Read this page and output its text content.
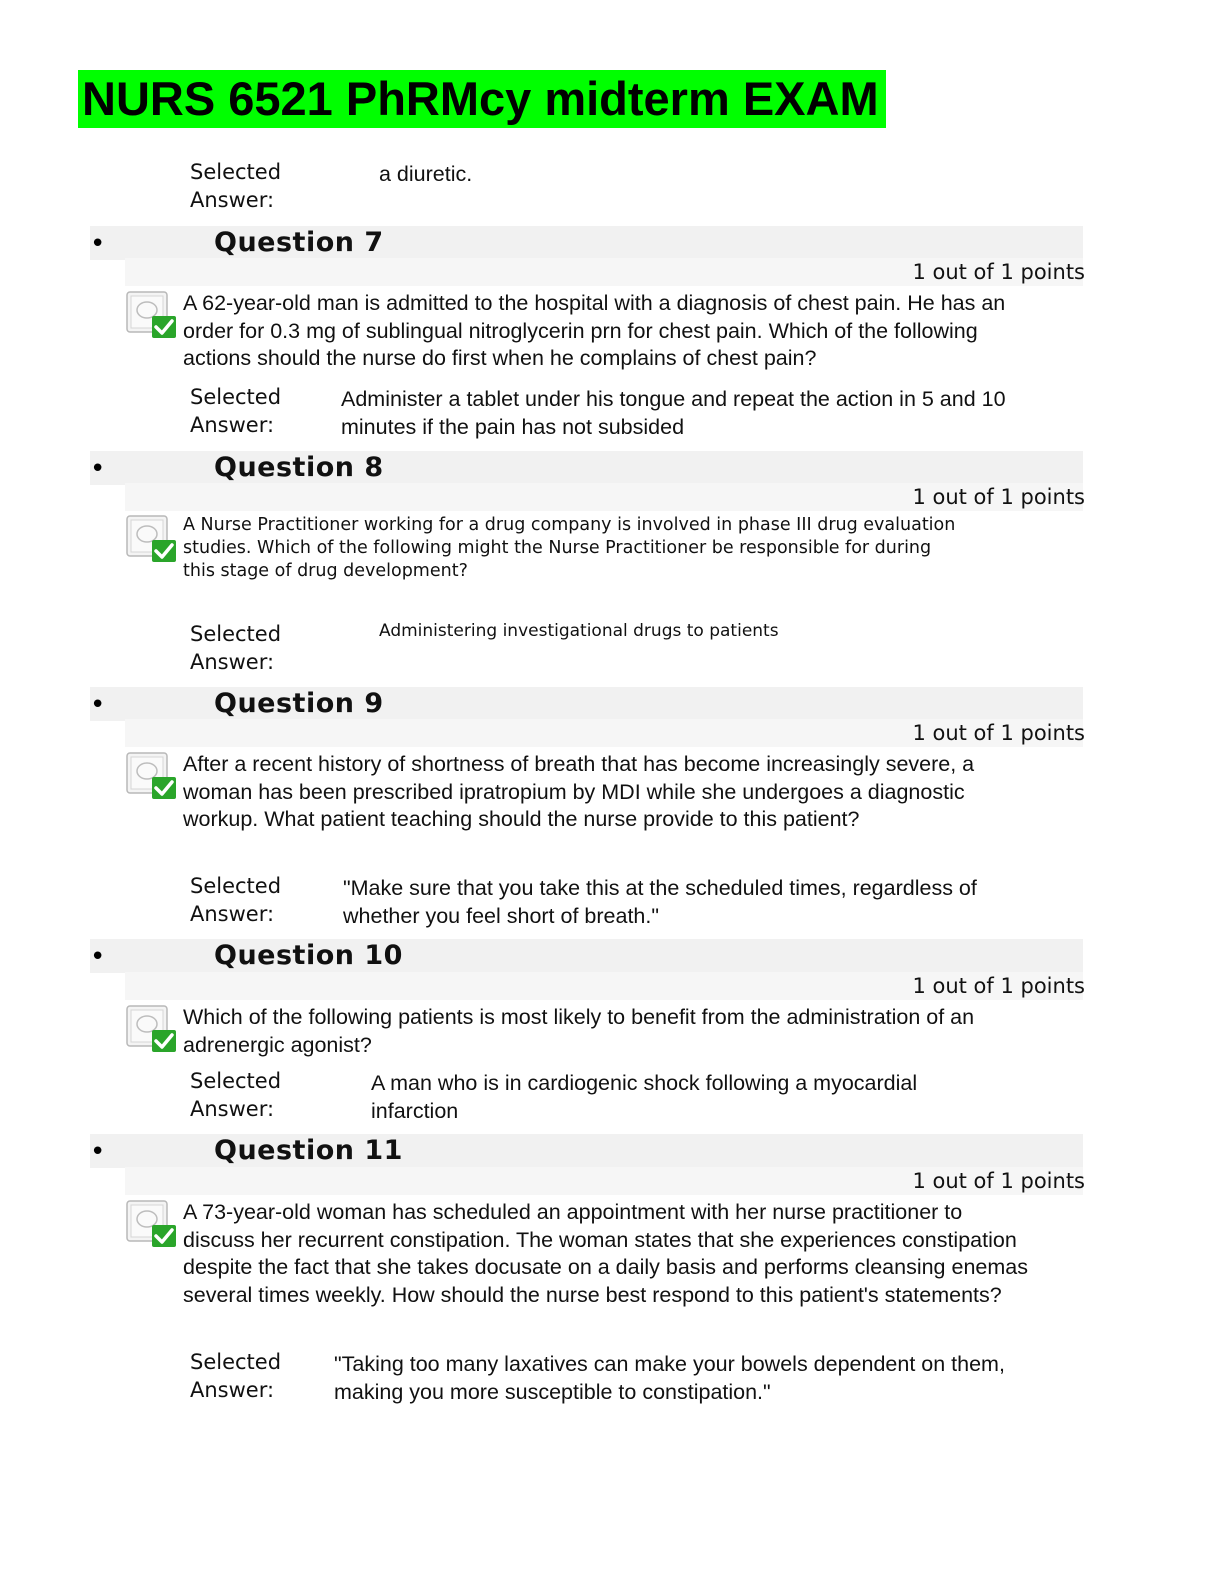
NURS 6521 PhRMcy midterm EXAM
Selected
Answer:
a diuretic.
•	Question 7
1 out of 1 points
A 62-year-old man is admitted to the hospital with a diagnosis of chest pain. He has an order for 0.3 mg of sublingual nitroglycerin prn for chest pain. Which of the following actions should the nurse do first when he complains of chest pain?
Selected
Answer:
Administer a tablet under his tongue and repeat the action in 5 and 10 minutes if the pain has not subsided
•	Question 8
1 out of 1 points
A Nurse Practitioner working for a drug company is involved in phase III drug evaluation studies. Which of the following might the Nurse Practitioner be responsible for during this stage of drug development?
Selected
Answer:
Administering investigational drugs to patients
•	Question 9
1 out of 1 points
After a recent history of shortness of breath that has become increasingly severe, a woman has been prescribed ipratropium by MDI while she undergoes a diagnostic workup. What patient teaching should the nurse provide to this patient?
Selected
Answer:
"Make sure that you take this at the scheduled times, regardless of whether you feel short of breath."
•	Question 10
1 out of 1 points
Which of the following patients is most likely to benefit from the administration of an adrenergic agonist?
Selected
Answer:
A man who is in cardiogenic shock following a myocardial infarction
•	Question 11
1 out of 1 points
A 73-year-old woman has scheduled an appointment with her nurse practitioner to discuss her recurrent constipation. The woman states that she experiences constipation despite the fact that she takes docusate on a daily basis and performs cleansing enemas several times weekly. How should the nurse best respond to this patient's statements?
Selected
Answer:
"Taking too many laxatives can make your bowels dependent on them, making you more susceptible to constipation."
